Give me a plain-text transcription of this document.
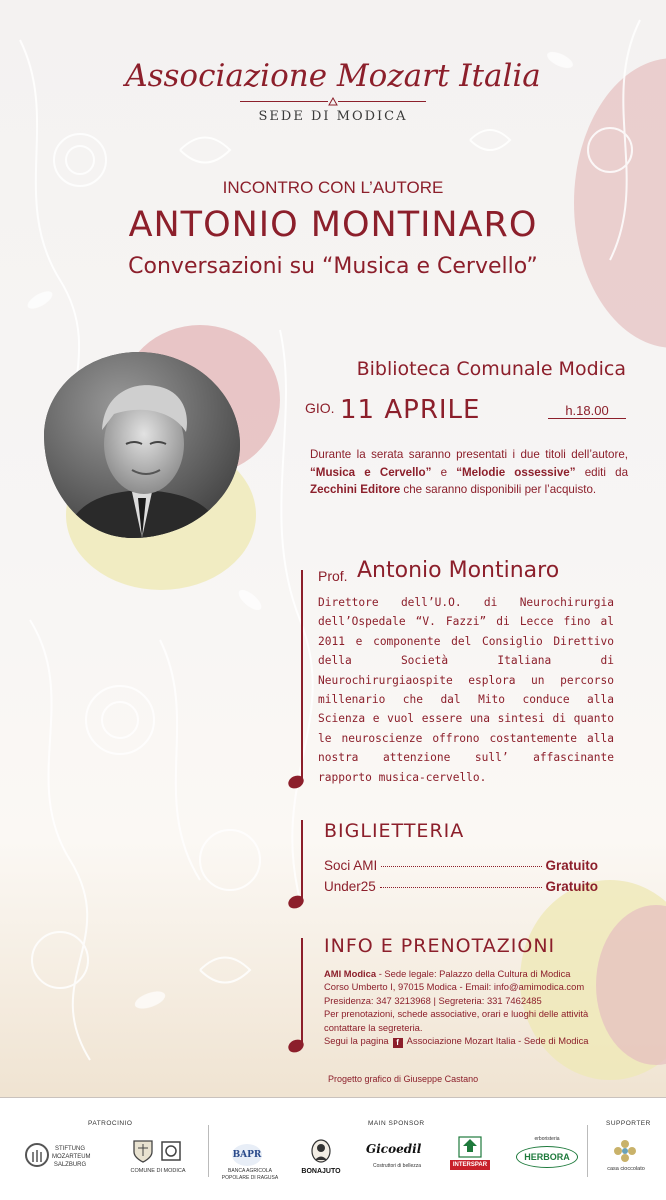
Associazione Mozart Italia
SEDE DI MODICA
INCONTRO CON L’AUTORE
ANTONIO MONTINARO
Conversazioni su “Musica e Cervello”
Biblioteca Comunale Modica
GIO. 11 APRILE	h.18.00
Durante la serata saranno presentati i due titoli dell’autore, “Musica e Cervello” e “Melodie ossessive” editi da Zecchini Editore che saranno disponibili per l’acquisto.
Prof. Antonio Montinaro
Direttore dell’U.O. di Neurochirurgia dell’Ospedale “V. Fazzi” di Lecce fino al 2011 e componente del Consiglio Direttivo della Società Italiana di Neurochirurgiaospite esplora un percorso millenario che dal Mito conduce alla Scienza e vuol essere una sintesi di quanto le neuroscienze offrono costantemente alla nostra attenzione sull’ affascinante rapporto musica-cervello.
BIGLIETTERIA
Soci AMI	Gratuito
Under25	Gratuito
INFO E PRENOTAZIONI
AMI Modica - Sede legale: Palazzo della Cultura di Modica
Corso Umberto I, 97015 Modica - Email: info@amimodica.com
Presidenza: 347 3213968 | Segreteria: 331 7462485
Per prenotazioni, schede associative, orari e luoghi delle attività contattare la segreteria.
Segui la pagina f Associazione Mozart Italia - Sede di Modica
Progetto grafico di Giuseppe Castano
PATROCINIO	MAIN SPONSOR	SUPPORTER
STIFTUNG MOZARTEUM SALZBURG
COMUNE DI MODICA
BAPR
BANCA AGRICOLA POPOLARE DI RAGUSA
BONAJUTO
Gicoedil
Costruttori di bellezza	INTERSPAR
erboristeria
HERBORA
casa cioccolato
